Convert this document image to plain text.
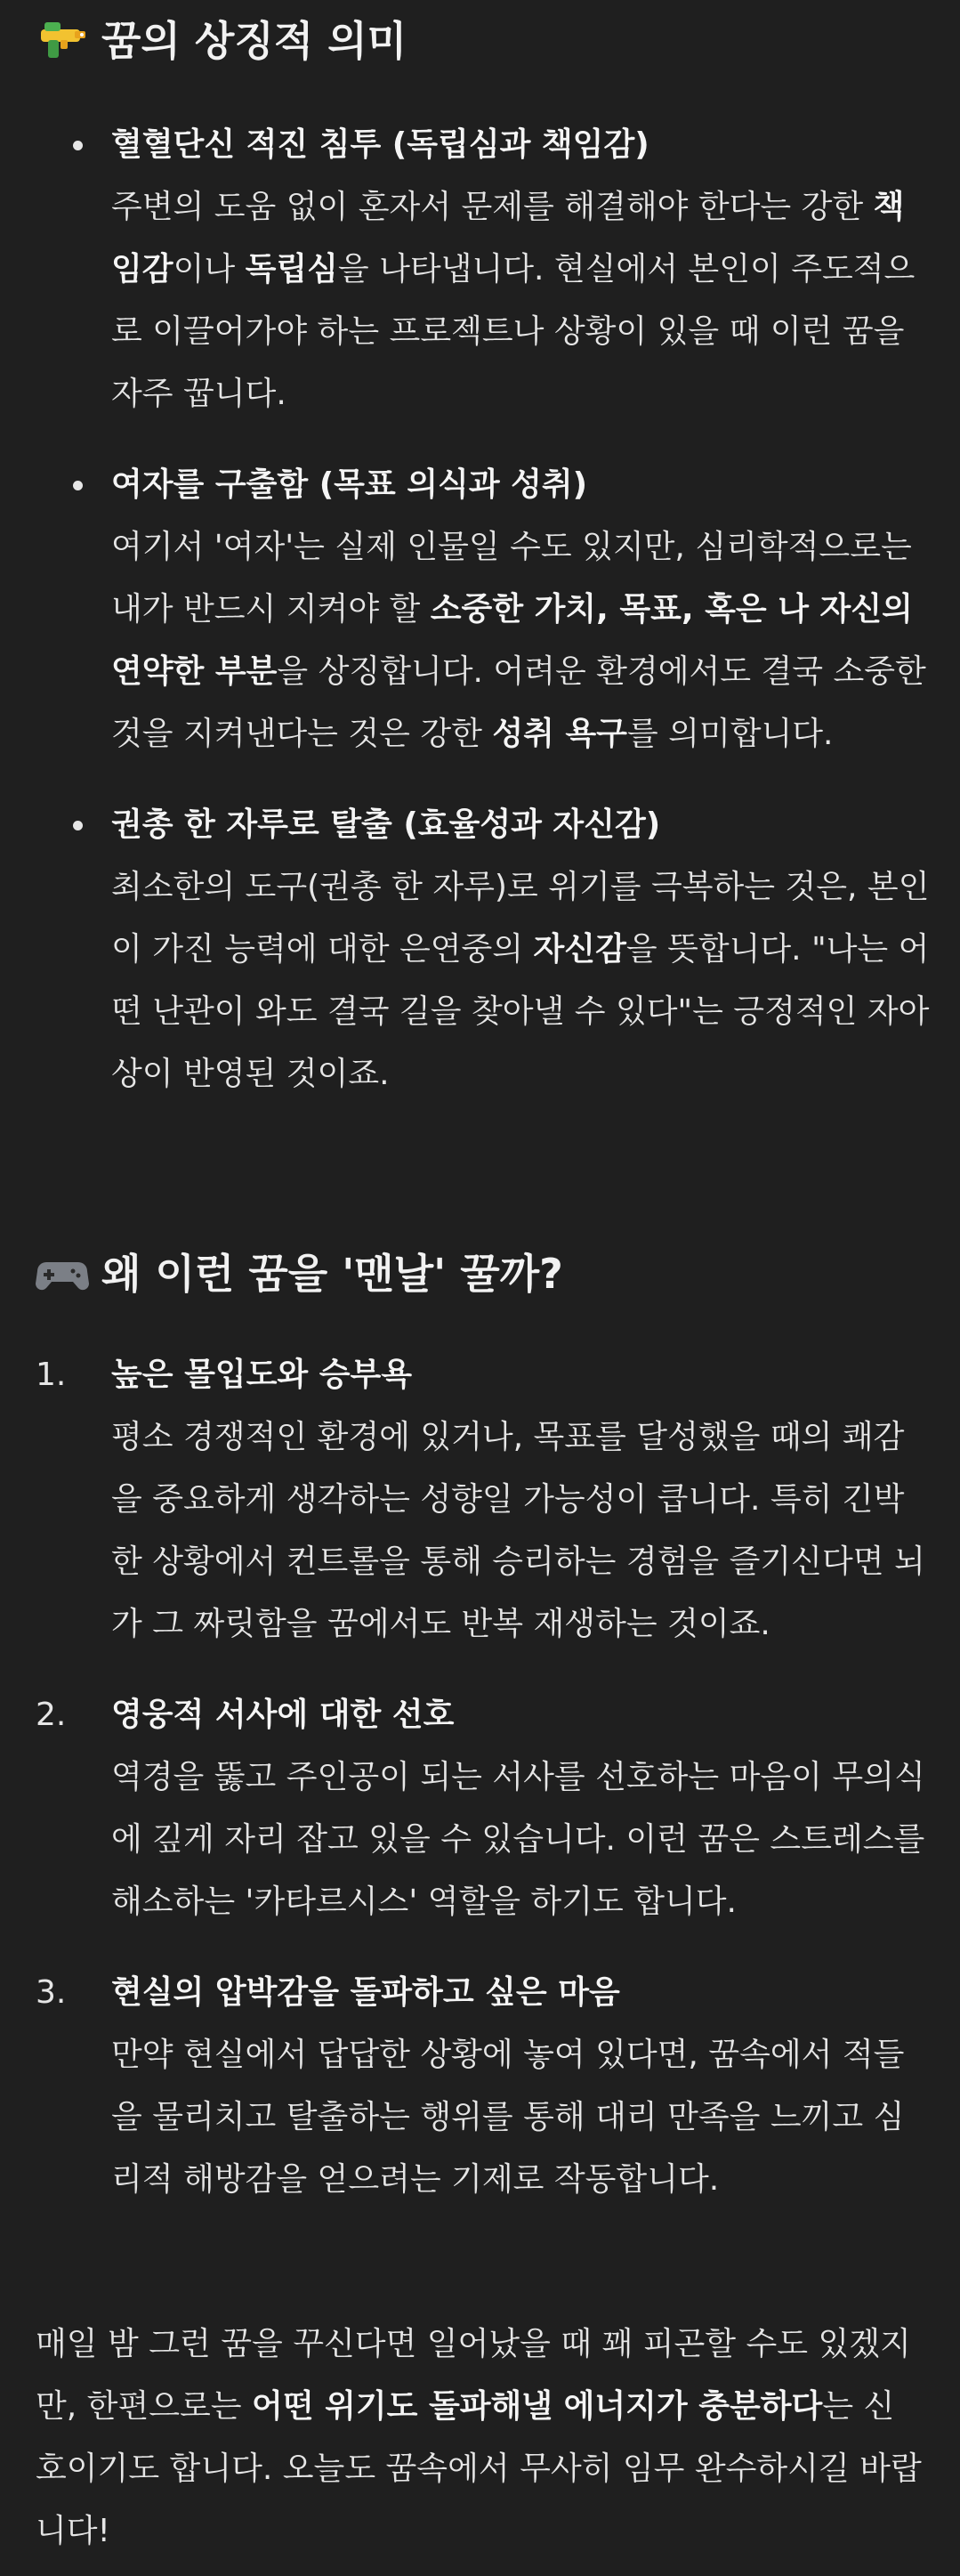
꿈의 상징적 의미
혈혈단신 적진 침투 (독립심과 책임감)
주변의 도움 없이 혼자서 문제를 해결해야 한다는 강한 책임감이나 독립심을 나타냅니다. 현실에서 본인이 주도적으로 이끌어가야 하는 프로젝트나 상황이 있을 때 이런 꿈을 자주 꿉니다.
여자를 구출함 (목표 의식과 성취)
여기서 '여자'는 실제 인물일 수도 있지만, 심리학적으로는 내가 반드시 지켜야 할 소중한 가치, 목표, 혹은 나 자신의 연약한 부분을 상징합니다. 어려운 환경에서도 결국 소중한 것을 지켜낸다는 것은 강한 성취 욕구를 의미합니다.
권총 한 자루로 탈출 (효율성과 자신감)
최소한의 도구(권총 한 자루)로 위기를 극복하는 것은, 본인이 가진 능력에 대한 은연중의 자신감을 뜻합니다. "나는 어떤 난관이 와도 결국 길을 찾아낼 수 있다"는 긍정적인 자아상이 반영된 것이죠.
왜 이런 꿈을 '맨날' 꿀까?
1. 높은 몰입도와 승부욕
평소 경쟁적인 환경에 있거나, 목표를 달성했을 때의 쾌감을 중요하게 생각하는 성향일 가능성이 큽니다. 특히 긴박한 상황에서 컨트롤을 통해 승리하는 경험을 즐기신다면 뇌가 그 짜릿함을 꿈에서도 반복 재생하는 것이죠.
2. 영웅적 서사에 대한 선호
역경을 뚫고 주인공이 되는 서사를 선호하는 마음이 무의식에 깊게 자리 잡고 있을 수 있습니다. 이런 꿈은 스트레스를 해소하는 '카타르시스' 역할을 하기도 합니다.
3. 현실의 압박감을 돌파하고 싶은 마음
만약 현실에서 답답한 상황에 놓여 있다면, 꿈속에서 적들을 물리치고 탈출하는 행위를 통해 대리 만족을 느끼고 심리적 해방감을 얻으려는 기제로 작동합니다.
매일 밤 그런 꿈을 꾸신다면 일어났을 때 꽤 피곤할 수도 있겠지만, 한편으로는 어떤 위기도 돌파해낼 에너지가 충분하다는 신호이기도 합니다. 오늘도 꿈속에서 무사히 임무 완수하시길 바랍니다!
